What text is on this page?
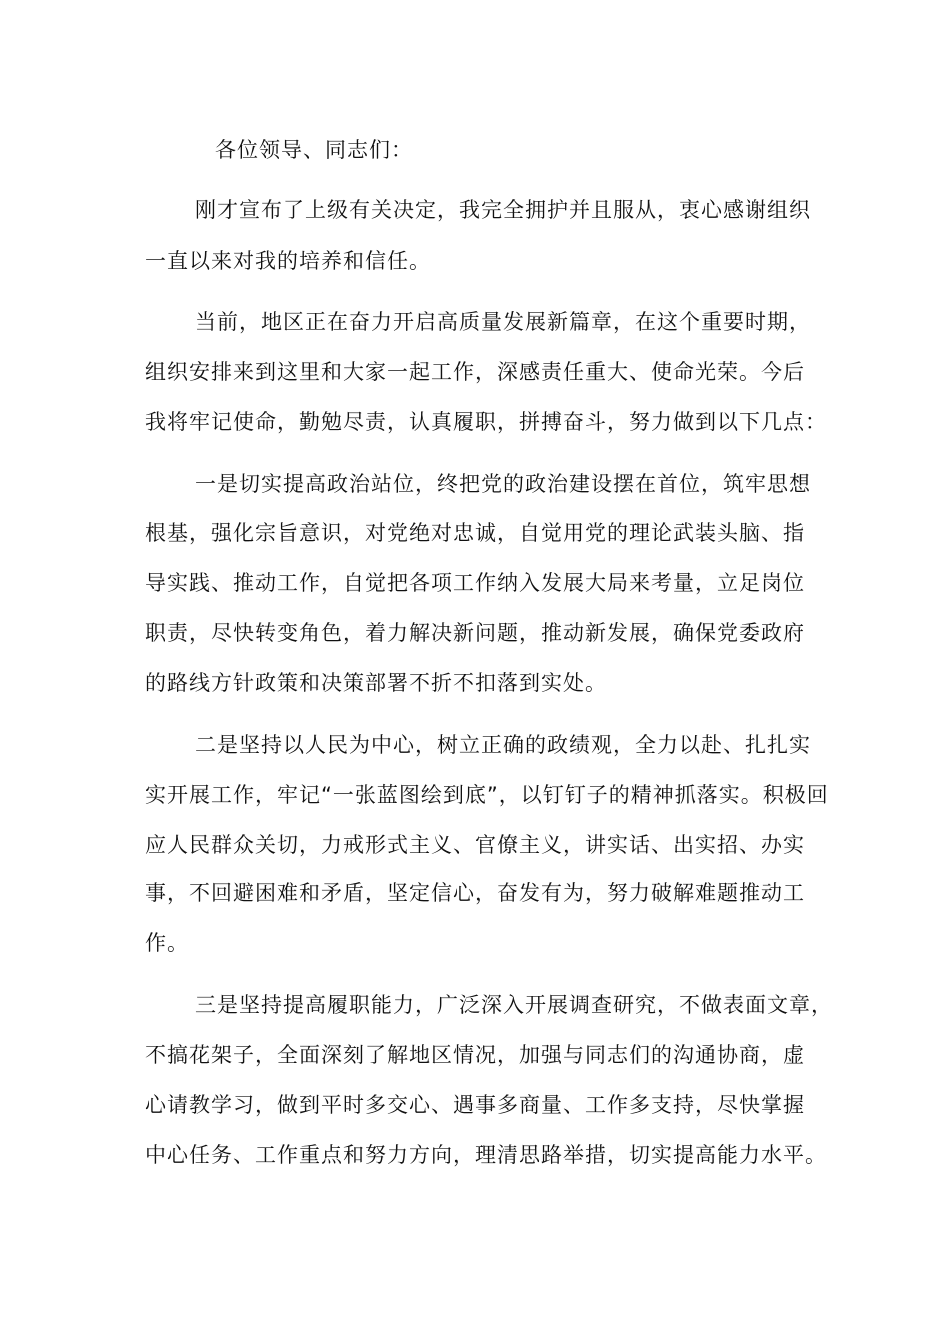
各位领导、同志们：
刚才宣布了上级有关决定，我完全拥护并且服从，衷心感谢组织
一直以来对我的培养和信任。
当前，地区正在奋力开启高质量发展新篇章，在这个重要时期，
组织安排来到这里和大家一起工作，深感责任重大、使命光荣。今后
我将牢记使命，勤勉尽责，认真履职，拼搏奋斗，努力做到以下几点：
一是切实提高政治站位，终把党的政治建设摆在首位，筑牢思想
根基，强化宗旨意识，对党绝对忠诚，自觉用党的理论武装头脑、指
导实践、推动工作，自觉把各项工作纳入发展大局来考量，立足岗位
职责，尽快转变角色，着力解决新问题，推动新发展，确保党委政府
的路线方针政策和决策部署不折不扣落到实处。
二是坚持以人民为中心，树立正确的政绩观，全力以赴、扎扎实
实开展工作，牢记“一张蓝图绘到底”，以钉钉子的精神抓落实。积极回
应人民群众关切，力戒形式主义、官僚主义，讲实话、出实招、办实
事，不回避困难和矛盾，坚定信心，奋发有为，努力破解难题推动工
作。
三是坚持提高履职能力，广泛深入开展调查研究，不做表面文章，
不搞花架子，全面深刻了解地区情况，加强与同志们的沟通协商，虚
心请教学习，做到平时多交心、遇事多商量、工作多支持，尽快掌握
中心任务、工作重点和努力方向，理清思路举措，切实提高能力水平。
